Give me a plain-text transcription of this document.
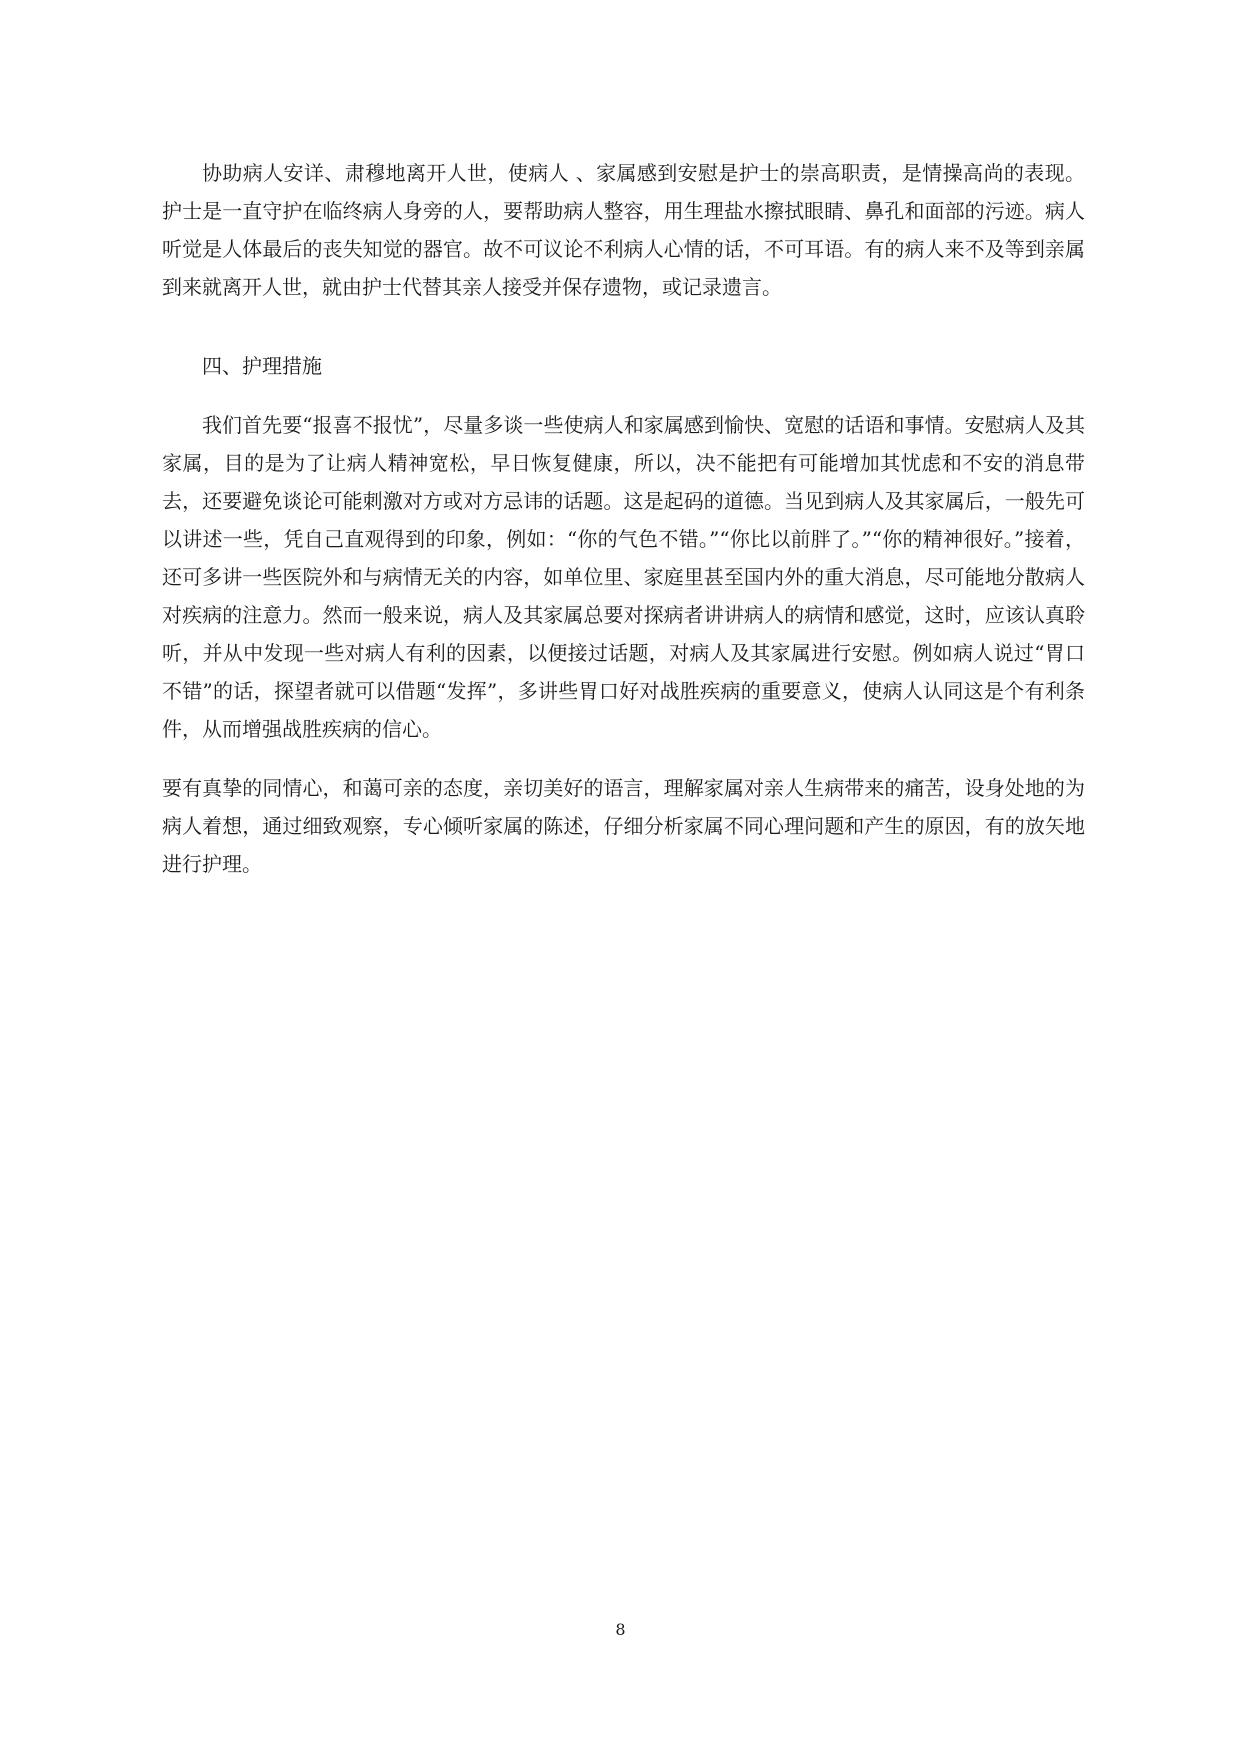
协助病人安详、肃穆地离开人世，使病人 、家属感到安慰是护士的崇高职责，是情操高尚的表现。护士是一直守护在临终病人身旁的人，要帮助病人整容，用生理盐水擦拭眼睛、鼻孔和面部的污迹。病人听觉是人体最后的丧失知觉的器官。故不可议论不利病人心情的话，不可耳语。有的病人来不及等到亲属到来就离开人世，就由护士代替其亲人接受并保存遗物，或记录遗言。

四、护理措施

我们首先要“报喜不报忧”，尽量多谈一些使病人和家属感到愉快、宽慰的话语和事情。安慰病人及其家属，目的是为了让病人精神宽松，早日恢复健康，所以，决不能把有可能增加其忧虑和不安的消息带去，还要避免谈论可能刺激对方或对方忌讳的话题。这是起码的道德。当见到病人及其家属后，一般先可以讲述一些，凭自己直观得到的印象，例如：“你的气色不错。”“你比以前胖了。”“你的精神很好。”接着，还可多讲一些医院外和与病情无关的内容，如单位里、家庭里甚至国内外的重大消息，尽可能地分散病人对疾病的注意力。然而一般来说，病人及其家属总要对探病者讲讲病人的病情和感觉，这时，应该认真聆听，并从中发现一些对病人有利的因素，以便接过话题，对病人及其家属进行安慰。例如病人说过“胃口不错”的话，探望者就可以借题“发挥”，多讲些胃口好对战胜疾病的重要意义，使病人认同这是个有利条件，从而增强战胜疾病的信心。

要有真挚的同情心，和蔼可亲的态度，亲切美好的语言，理解家属对亲人生病带来的痛苦，设身处地的为病人着想，通过细致观察，专心倾听家属的陈述，仔细分析家属不同心理问题和产生的原因，有的放矢地进行护理。

8
